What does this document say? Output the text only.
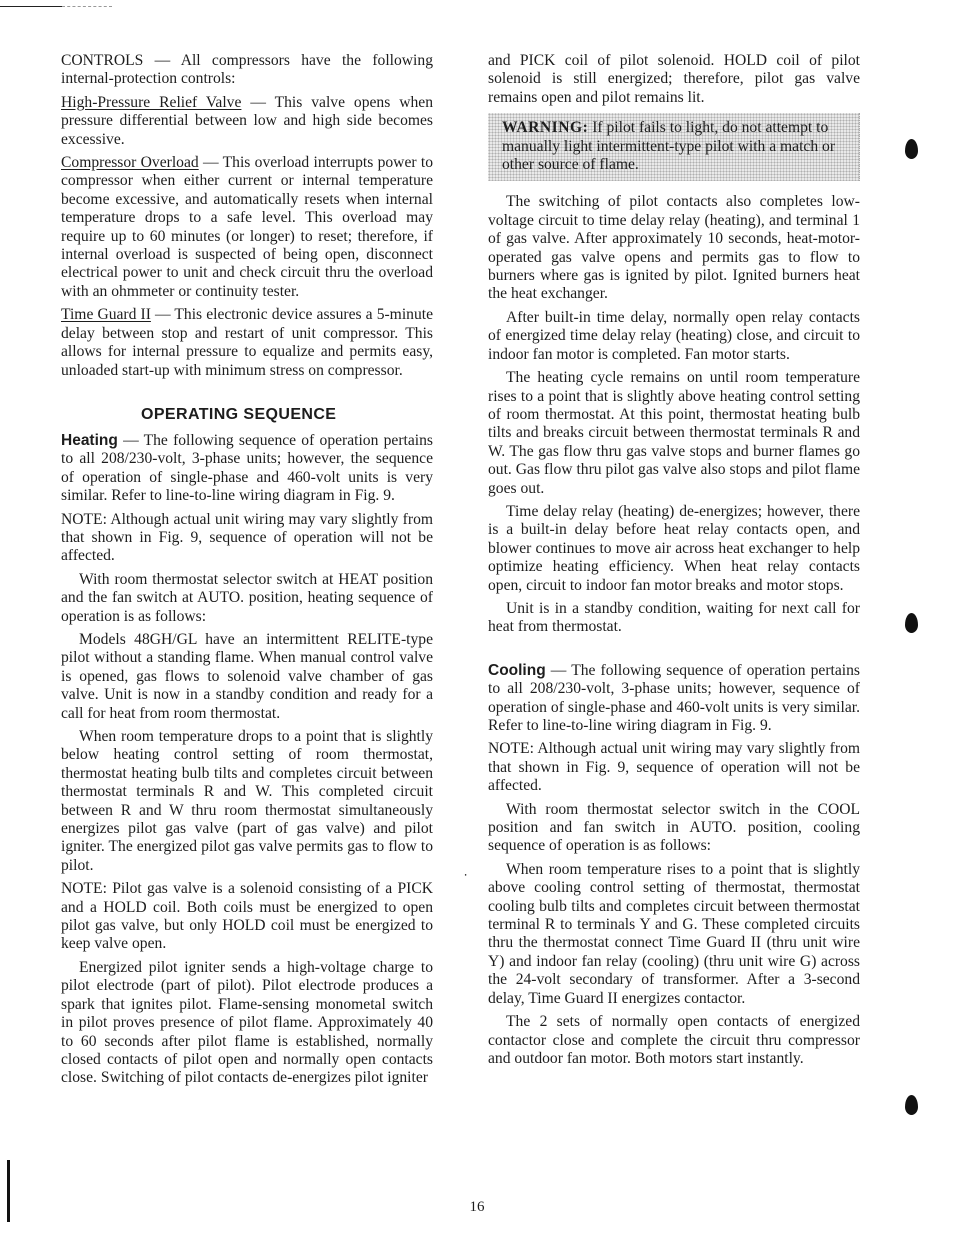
CONTROLS — All compressors have the following internal-protection controls:

High-Pressure Relief Valve — This valve opens when pressure differential between low and high side becomes excessive.

Compressor Overload — This overload interrupts power to compressor when either current or internal temperature become excessive, and automatically resets when internal temperature drops to a safe level. This overload may require up to 60 minutes (or longer) to reset; therefore, if internal overload is suspected of being open, disconnect electrical power to unit and check circuit thru the overload with an ohmmeter or continuity tester.

Time Guard II — This electronic device assures a 5-minute delay between stop and restart of unit compressor. This allows for internal pressure to equalize and permits easy, unloaded start-up with minimum stress on compressor.

OPERATING SEQUENCE

Heating — The following sequence of operation pertains to all 208/230-volt, 3-phase units; however, the sequence of operation of single-phase and 460-volt units is very similar. Refer to line-to-line wiring diagram in Fig. 9.

NOTE: Although actual unit wiring may vary slightly from that shown in Fig. 9, sequence of operation will not be affected.

With room thermostat selector switch at HEAT position and the fan switch at AUTO. position, heating sequence of operation is as follows:

Models 48GH/GL have an intermittent RELITE-type pilot without a standing flame. When manual control valve is opened, gas flows to solenoid valve chamber of gas valve. Unit is now in a standby condition and ready for a call for heat from room thermostat.

When room temperature drops to a point that is slightly below heating control setting of room thermostat, thermostat heating bulb tilts and completes circuit between thermostat terminals R and W. This completed circuit between R and W thru room thermostat simultaneously energizes pilot gas valve (part of gas valve) and pilot igniter. The energized pilot gas valve permits gas to flow to pilot.

NOTE: Pilot gas valve is a solenoid consisting of a PICK and a HOLD coil. Both coils must be energized to open pilot gas valve, but only HOLD coil must be energized to keep valve open.

Energized pilot igniter sends a high-voltage charge to pilot electrode (part of pilot). Pilot electrode produces a spark that ignites pilot. Flame-sensing monometal switch in pilot proves presence of pilot flame. Approximately 40 to 60 seconds after pilot flame is established, normally closed contacts of pilot open and normally open contacts close. Switching of pilot contacts de-energizes pilot igniter

and PICK coil of pilot solenoid. HOLD coil of pilot solenoid is still energized; therefore, pilot gas valve remains open and pilot remains lit.

WARNING: If pilot fails to light, do not attempt to manually light intermittent-type pilot with a match or other source of flame.

The switching of pilot contacts also completes low-voltage circuit to time delay relay (heating), and terminal 1 of gas valve. After approximately 10 seconds, heat-motor-operated gas valve opens and permits gas to flow to burners where gas is ignited by pilot. Ignited burners heat the heat exchanger.

After built-in time delay, normally open relay contacts of energized time delay relay (heating) close, and circuit to indoor fan motor is completed. Fan motor starts.

The heating cycle remains on until room temperature rises to a point that is slightly above heating control setting of room thermostat. At this point, thermostat heating bulb tilts and breaks circuit between thermostat terminals R and W. The gas flow thru gas valve stops and burner flames go out. Gas flow thru pilot gas valve also stops and pilot flame goes out.

Time delay relay (heating) de-energizes; however, there is a built-in delay before heat relay contacts open, and blower continues to move air across heat exchanger to help optimize heating efficiency. When heat relay contacts open, circuit to indoor fan motor breaks and motor stops.

Unit is in a standby condition, waiting for next call for heat from thermostat.

Cooling — The following sequence of operation pertains to all 208/230-volt, 3-phase units; however, sequence of operation of single-phase and 460-volt units is very similar. Refer to line-to-line wiring diagram in Fig. 9.

NOTE: Although actual unit wiring may vary slightly from that shown in Fig. 9, sequence of operation will not be affected.

With room thermostat selector switch in the COOL position and fan switch in AUTO. position, cooling sequence of operation is as follows:

When room temperature rises to a point that is slightly above cooling control setting of thermostat, thermostat cooling bulb tilts and completes circuit between thermostat terminal R to terminals Y and G. These completed circuits thru the thermostat connect Time Guard II (thru unit wire Y) and indoor fan relay (cooling) (thru unit wire G) across the 24-volt secondary of transformer. After a 3-second delay, Time Guard II energizes contactor.

The 2 sets of normally open contacts of energized contactor close and complete the circuit thru compressor and outdoor fan motor. Both motors start instantly.

⸱
16
